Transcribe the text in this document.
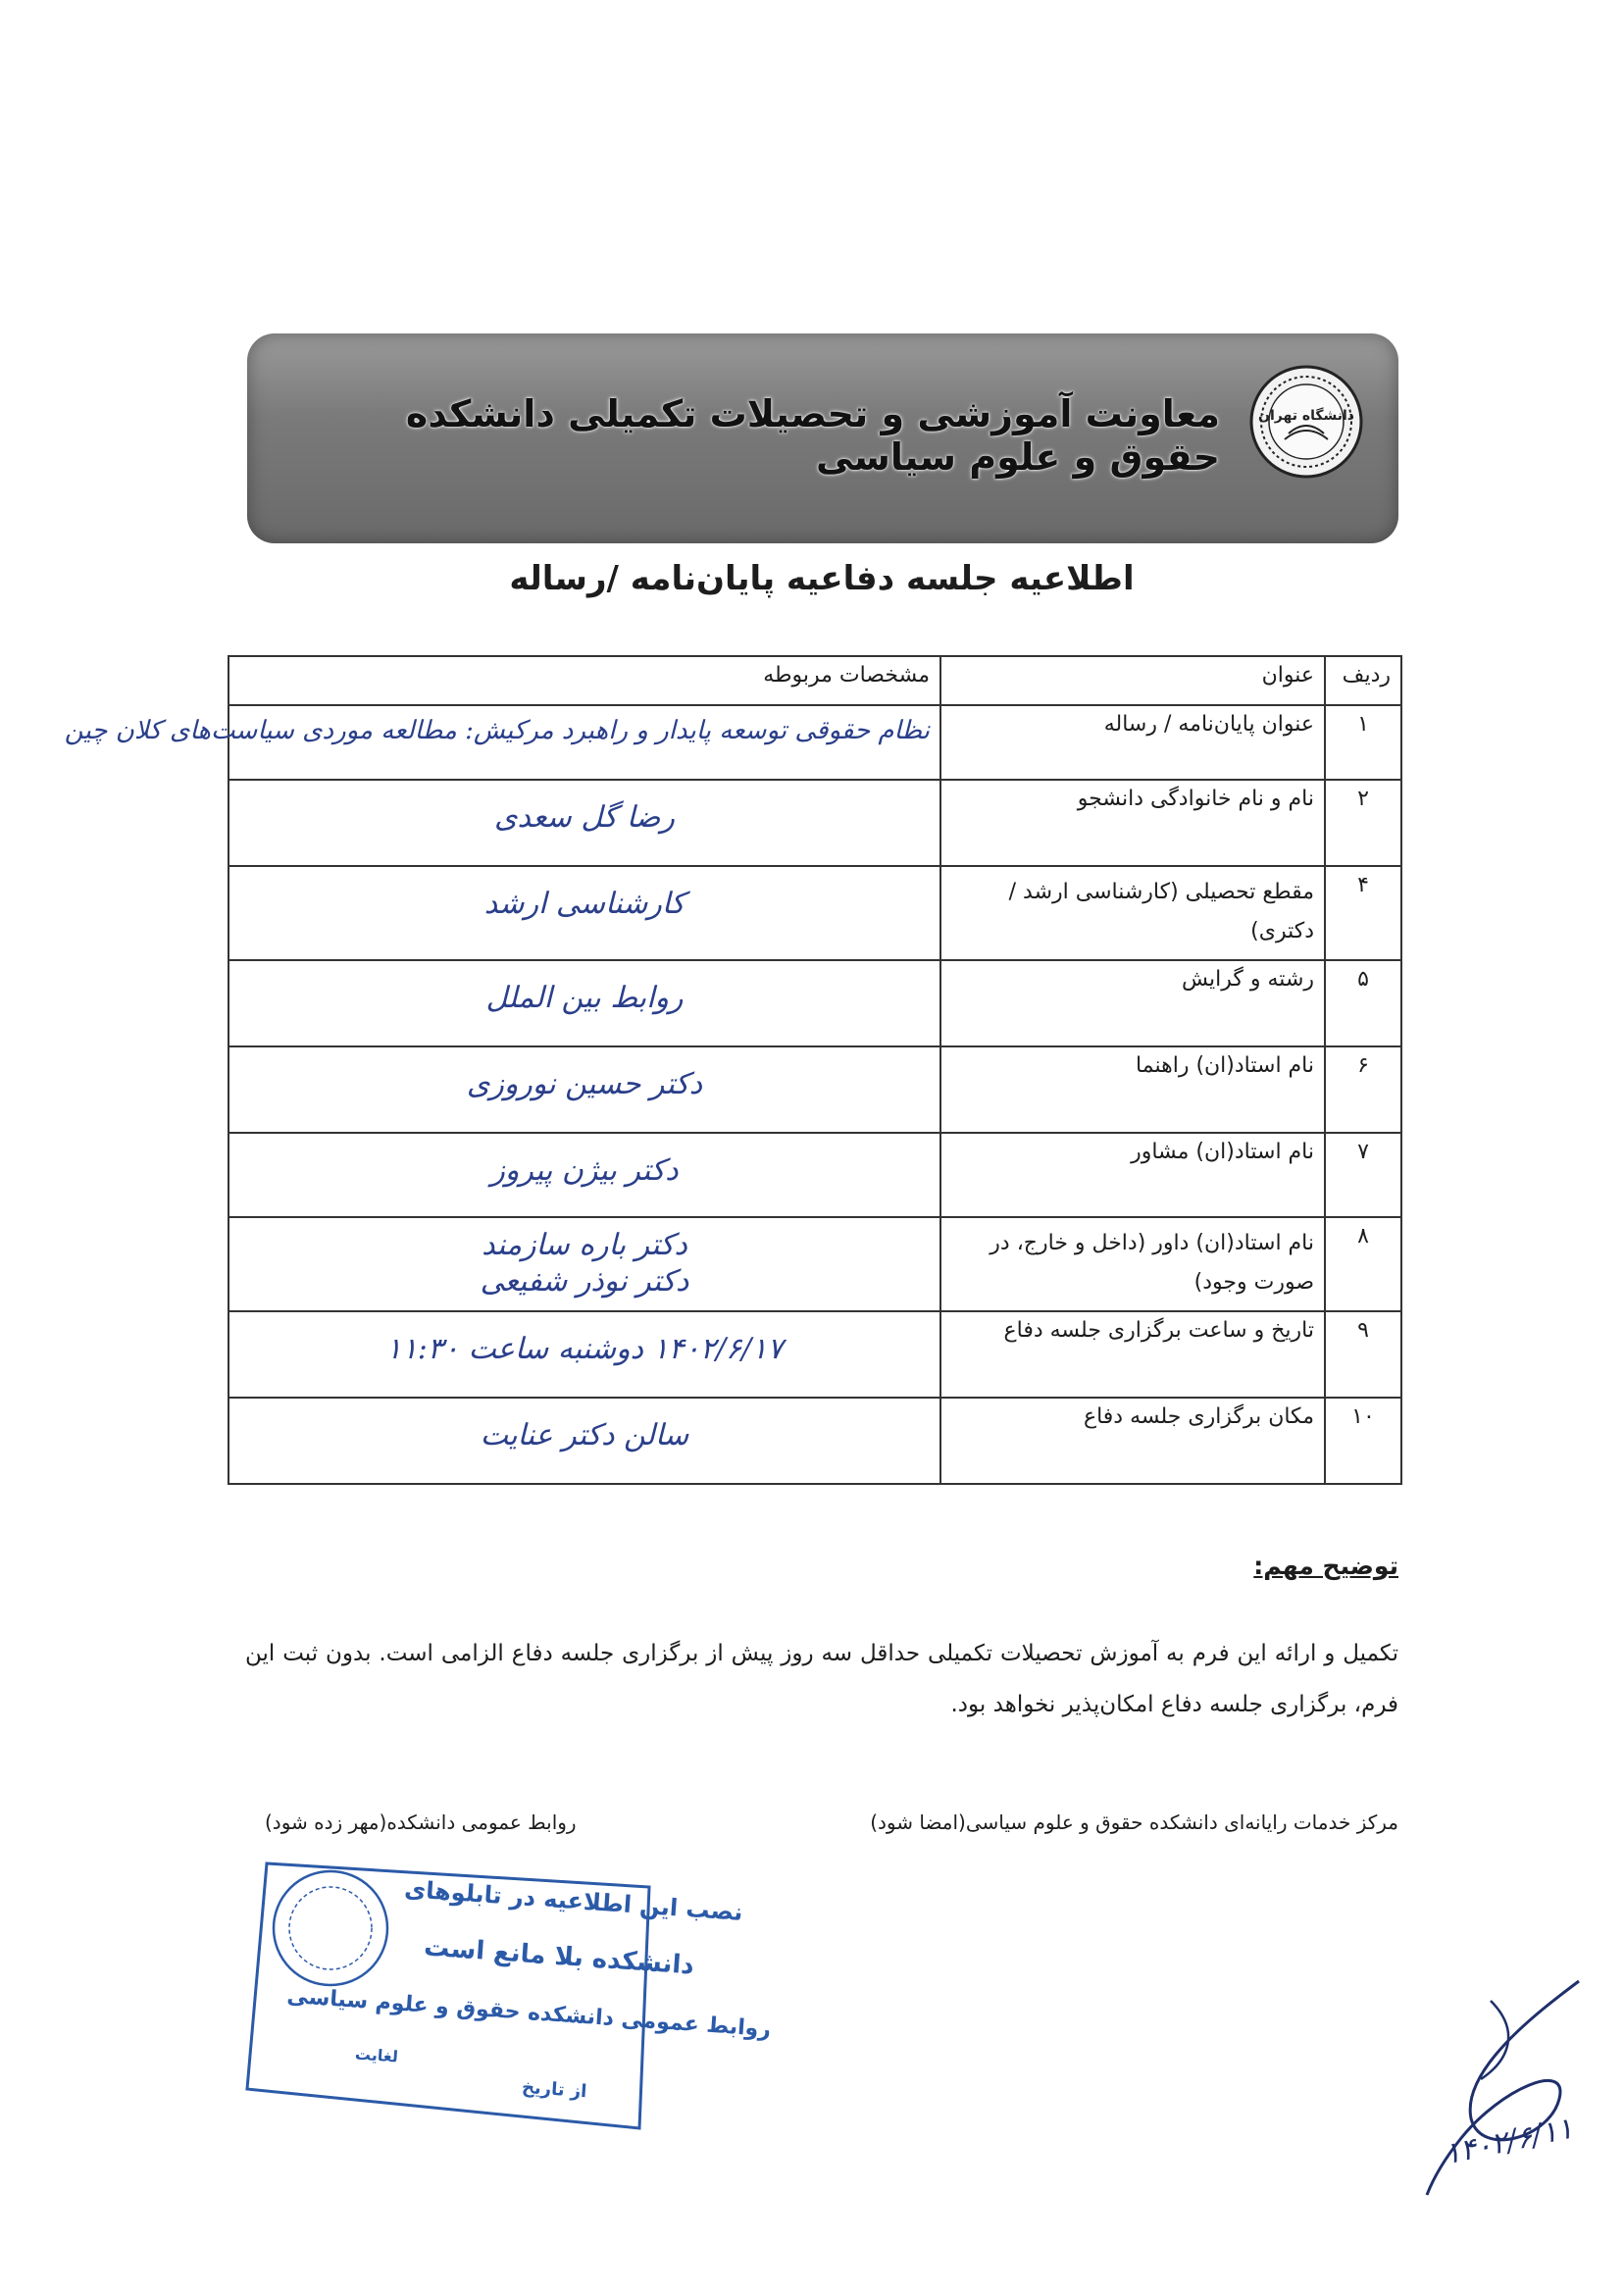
معاونت آموزشی و تحصیلات تکمیلی دانشکده حقوق و علوم سیاسی
دانشگاه تهران
اطلاعیه جلسه دفاعیه پایان‌نامه /رساله
ردیف	عنوان	مشخصات مربوطه
۱	عنوان پایان‌نامه / رساله	نظام حقوقی توسعه پایدار و راهبرد مرکیش: مطالعه موردی سیاست‌های کلان چین

۲	نام و نام خانوادگی دانشجو	رضا گل سعدی

۴	مقطع تحصیلی (کارشناسی ارشد / دکتری)	کارشناسی ارشد

۵	رشته و گرایش	روابط بین الملل

۶	نام استاد(ان) راهنما	دکتر حسین نوروزی

۷	نام استاد(ان) مشاور	دکتر بیژن پیروز

۸	نام استاد(ان) داور (داخل و خارج، در صورت وجود)	دکتر باره سازمند
دکتر نوذر شفیعی

۹	تاریخ و ساعت برگزاری جلسه دفاع	۱۴۰۲/۶/۱۷ دوشنبه ساعت ۱۱:۳۰

۱۰	مکان برگزاری جلسه دفاع	سالن دکتر عنایت
توضیح مهم:
تکمیل و ارائه این فرم به آموزش تحصیلات تکمیلی حداقل سه روز پیش از برگزاری جلسه دفاع الزامی است. بدون ثبت این فرم، برگزاری جلسه دفاع امکان‌پذیر نخواهد بود.
مرکز خدمات رایانه‌ای دانشکده حقوق و علوم سیاسی(امضا شود)
روابط عمومی دانشکده(مهر زده شود)
نصب این اطلاعیه در تابلوهای
دانشکده بلا مانع است
روابط عمومی دانشکده حقوق و علوم سیاسی
لغایت
از تاریخ
۱۴۰۲/۶/۱۱
